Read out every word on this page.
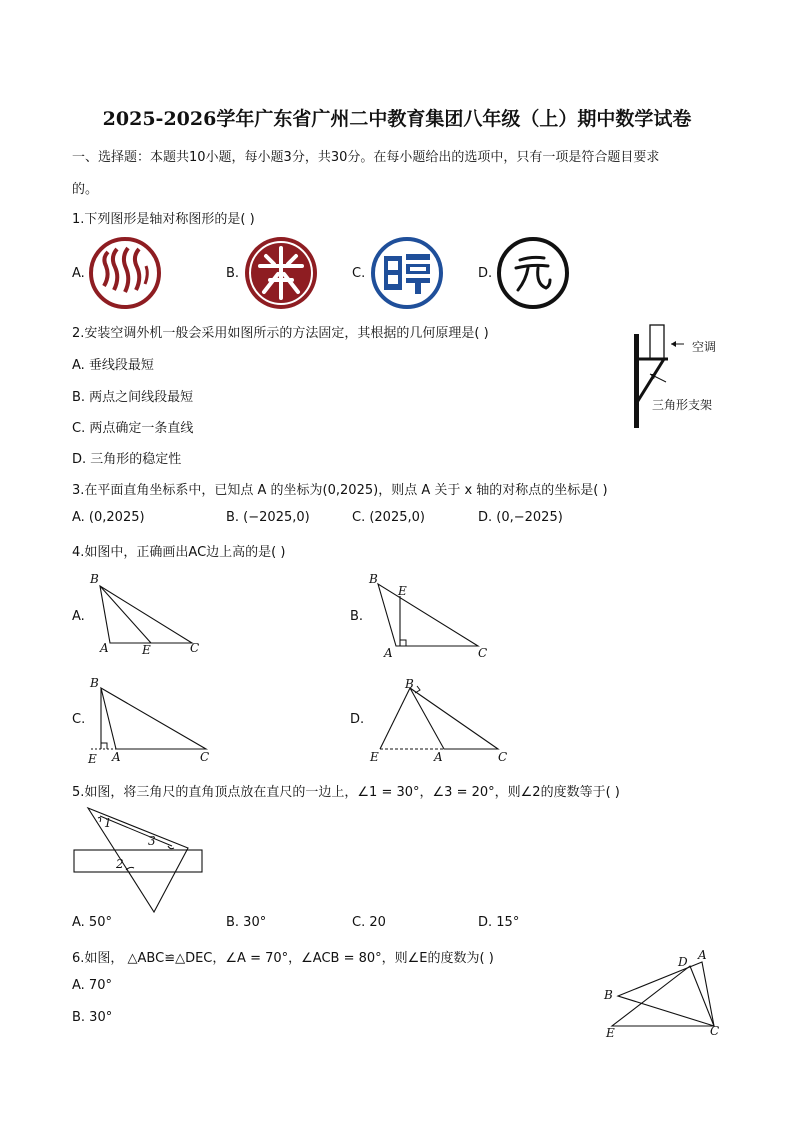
2025-2026学年广东省广州二中教育集团八年级（上）期中数学试卷
一、选择题：本题共10小题，每小题3分，共30分。在每小题给出的选项中，只有一项是符合题目要求
的。
1.下列图形是轴对称图形的是( )
A.	B.	C.	D.
2.安装空调外机一般会采用如图所示的方法固定，其根据的几何原理是( )
A. 垂线段最短
B. 两点之间线段最短
C. 两点确定一条直线
D. 三角形的稳定性
空调
三角形支架
3.在平面直角坐标系中，已知点 A 的坐标为(0,2025)，则点 A 关于 x 轴的对称点的坐标是( )
A. (0,2025)	B. (−2025,0)	C. (2025,0)	D. (0,−2025)
4.如图中，正确画出AC边上高的是( )
A.	B.
C.	D.
B
A	E	C
B
E
A	C
B
E A	C
B
E	A	C
5.如图，将三角尺的直角顶点放在直尺的一边上，∠1 = 30°，∠3 = 20°，则∠2的度数等于( )
1
3
2
A. 50°	B. 30°	C. 20	D. 15°
6.如图， △ABC≌△DEC，∠A = 70°，∠ACB = 80°，则∠E的度数为( )
A. 70°
B. 30°
D A
B
E	C
